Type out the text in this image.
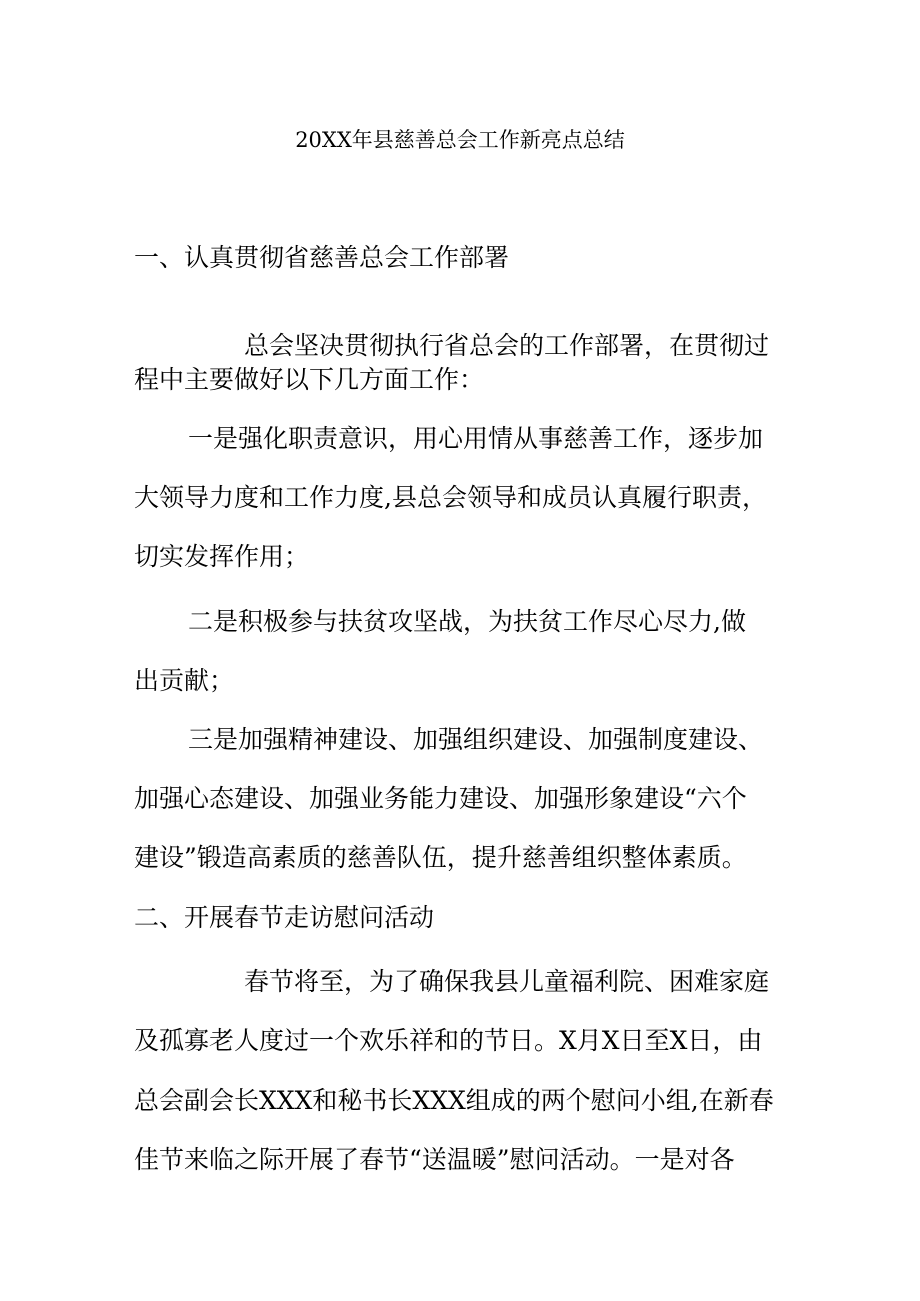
20XX年县慈善总会工作新亮点总结
一、认真贯彻省慈善总会工作部署
总会坚决贯彻执行省总会的工作部署，在贯彻过
程中主要做好以下几方面工作：
一是强化职责意识，用心用情从事慈善工作，逐步加
大领导力度和工作力度,县总会领导和成员认真履行职责，
切实发挥作用；
二是积极参与扶贫攻坚战，为扶贫工作尽心尽力,做
出贡献；
三是加强精神建设、加强组织建设、加强制度建设、
加强心态建设、加强业务能力建设、加强形象建设“六个
建设”锻造高素质的慈善队伍，提升慈善组织整体素质。
二、开展春节走访慰问活动
春节将至，为了确保我县儿童福利院、困难家庭
及孤寡老人度过一个欢乐祥和的节日。X月X日至X日，由
总会副会长XXX和秘书长XXX组成的两个慰问小组,在新春
佳节来临之际开展了春节“送温暖”慰问活动。一是对各
